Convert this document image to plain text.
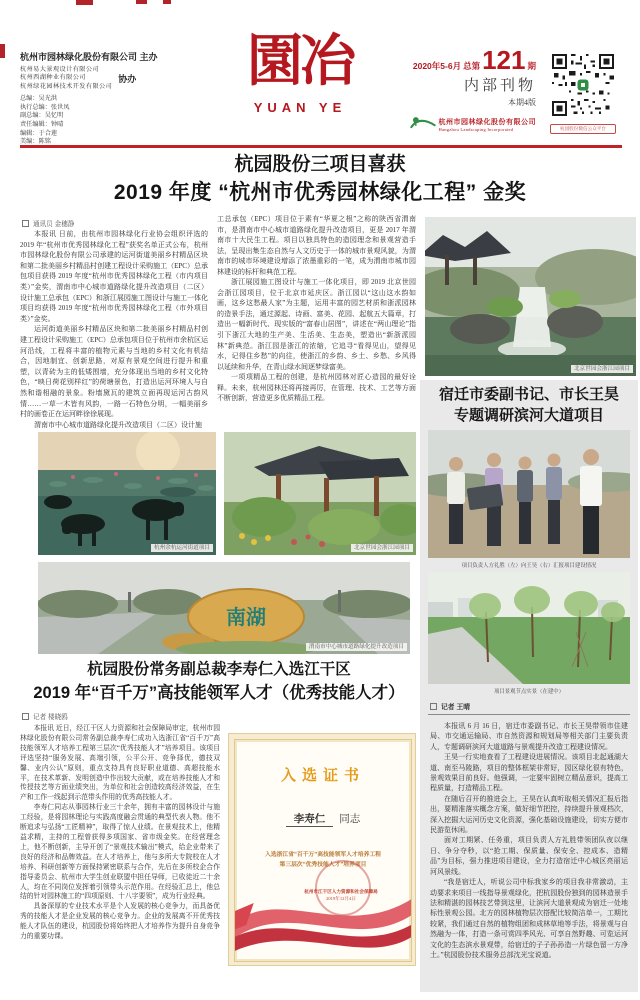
杭州市园林绿化股份有限公司 主办
杭州易大景观设计有限公司
杭州西湖种业有限公司
杭州绿花园林技术开发有限公司
协办
总编：吴光洪
执行总编：张世凤
副总编：吴忆明
责任编辑：钟晴
编辑：于合莲
美编：陈铭
園冶
YUAN YE
2020年5-6月 总第 121 期
内部刊物
本期4版
杭州市园林绿化股份有限公司
Hangzhou Landscaping Incorporated	杭园股份微信公众平台
杭园股份三项目喜获
2019 年度 “杭州市优秀园林绿化工程” 金奖
通讯员 金穗静

本报讯 日前，由杭州市园林绿化行业协会组织评选的 2019 年“杭州市优秀园林绿化工程”获奖名单正式公布，杭州市园林绿化股份有限公司承建的运河街道美丽乡村精品区块和第二批美丽乡村精品村创建工程设计采购施工（EPC）总承包项目获得 2019 年度“杭州市优秀园林绿化工程（市内项目类）”金奖，渭南市中心城市道路绿化提升改造项目（二区）设计施工总承包（EPC）和浙江展园施工图设计与施工一体化项目均获得 2019 年度“杭州市优秀园林绿化工程（市外项目类）”金奖。

运河街道美丽乡村精品区块和第二批美丽乡村精品村创建工程设计采购施工（EPC）总承包项目位于杭州市余杭区运河沿线，工程将丰富的植物元素与当地的乡村文化有机结合，因地制宜、创新思路，对原有景观空间进行提升和重塑，以青砖为主的低矮围墙，充分体现出当地的乡村文化特色，“映日荷花别样红”的荷塘景色，打造出运河环境人与自然和谐相融的景象。粉墙黛瓦的建筑立面再现运河古韵风情……一草一木皆有风韵，一路一石特色分明，一幅美丽乡村的画卷正在运河畔徐徐展现。

渭南市中心城市道路绿化提升改造项目（二区）设计施

工总承包（EPC）项目位于素有“华夏之根”之称的陕西省渭南市，是渭南市中心城市道路绿化提升改造项目，更是 2017 年渭南市十大民生工程。项目以独具特色的造园理念和景观营造手法，呈现出集生态自然与人文历史于一体的城市景观风貌，为渭南市的城市环境建设增添了浓墨重彩的一笔，成为渭南市城市园林建设的标杆和典范工程。

浙江展园施工图设计与施工一体化项目，即 2019 北京世园会浙江园项目，位于北京市延庆区。浙江园以“这山这水韵如画，这乡这愁最人家”为主题，运用丰富的园艺材质和浙派园林的造景手法，通过源起、诗画、富美、花园、起航五大篇章，打造出一幅新时代、现实版的“富春山居图”，讲述在“两山理论”指引下浙江大地的生产美、生活美、生态美，塑造出“新浙派园林”新典范。浙江园是浙江的浓缩，它追寻“看得见山，望得见水，记得住乡愁”的向往，使浙江的乡韵、乡土、乡愁、乡风得以延续和升华，在青山绿水间逐梦绿富美。

一项项精品工程的创建，是杭州园林对匠心造园的最好诠释。未来，杭州园林还将再接再厉，在管理、技术、工艺等方面不断创新，营造更多优质精品工程。

北京世园会浙江园项目
宿迁市委副书记、市长王昊
专题调研滨河大道项目
项目负责人方礼胜（左）向王昊（右）汇报项目建设情况
项目景观节点实景（在建中）
记者 王晴

本报讯 6 月 16 日，宿迁市委副书记、市长王昊带领市住建局、市交通运输局、市自然资源和规划局等相关部门主要负责人，专题调研滨河大道道路与景观提升改造工程建设情况。

王昊一行实地查看了工程建设进展情况。该项目北起通湖大道、南至马陵路，项目的整体框架非常好，园区绿化很有特色，景观效果目前良好。他强调，一定要牢固树立精品意识，提高工程质量，打造精品工程。

在随后召开的推进会上，王昊在认真听取相关情况汇报后指出，要精准落实概念方案，做好细节把控，持续提升景观档次，深入挖掘大运河历史文化资源，强化基础设施建设，切实方便市民游览休闲。

面对工期紧、任务重，项目负责人方礼胜带领团队夜以继日、争分夺秒，以“抢工期、保质量、保安全、控成本、造精品”为目标，强力推进项目建设，全力打造宿迁中心城区亮丽运河风景线。

“我是宿迁人，听说公司中标我家乡的项目我非常激动，主动要求来项目一线指导景观绿化，把杭园股份独到的园林造景手法和精湛的园林技艺带到这里，让滨河大道景观成为宿迁一处地标性景观公园。北方的园林植物层次搭配比较简洁单一，工期比较紧，我们通过自然的植物组团和成林草地等手法，将景观与自然融为一体，打造一条可赏四季风光、可享自然野趣、可览运河文化的生态滨水景观带，给宿迁的子子孙孙造一片绿色留一方净土。”杭园股份技术服务总部沈光宝说道。

杭州余杭运河街道项目	北京世园会浙江园项目
南湖
渭南市中心城市道路绿化提升改造项目
杭园股份常务副总裁李寿仁入选江干区
2019 年“百千万”高技能领军人才（优秀技能人才）
记者 楼晓鸥

本报讯 近日，经江干区人力资源和社会保障局审定，杭州市园林绿化股份有限公司常务副总裁李寿仁成功入选浙江省“百千万”高技能领军人才培养工程第三层次“优秀技能人才”培养项目。该项目评选坚持“服务发展、高端引领，公平公开、竞争择优，德技双馨、业内公认”原则，重点支持具有良好职业道德、高超技能水平，在技术革新、发明创造中作出较大贡献，或在培养技能人才和传授技艺等方面业绩突出，为单位和社会创造较高经济效益，在生产和工作一线起到示范带头作用的优秀高技能人才。

李寿仁同志从事园林行业三十余年，拥有丰富的园林设计与施工经验，是将园林理论与实践高度融会贯通的典型代表人物。他不断追求与弘扬“工匠精神”，取得了惊人业绩。在景观技术上，他精益求精，主持的工程曾获得多项国家、省市级金奖。在经营理念上，他不断创新，主导开创了“景观技术输出”模式，给企业带来了良好的经济和品牌效益。在人才培养上，他与多所大专院校在人才培养、科研创新等方面保持紧密联系与合作，先后在多所校企合作指导委员会、杭州市大学生创业联盟中担任导师，已收徒近二十余人，均在不同岗位发挥着引领带头示范作用。在经验汇总上，他总结的针对园林施工的“四项原则、十八字要领”，成为行业经典。

具备深厚的专业技术水平是个人发展的核心竞争力，而具备优秀的技能人才是企业发展的核心竞争力。企业的发展离不开优秀技能人才队伍的建设，杭园股份将始终把人才培养作为提升自身竞争力的重要功课。

入选证书
李寿仁 同志
入选浙江省“百千万”高技能领军人才培养工程
第三层次“优秀技能人才”培养项目
杭州市江干区人力资源和社会保障局
2019年12月4日
